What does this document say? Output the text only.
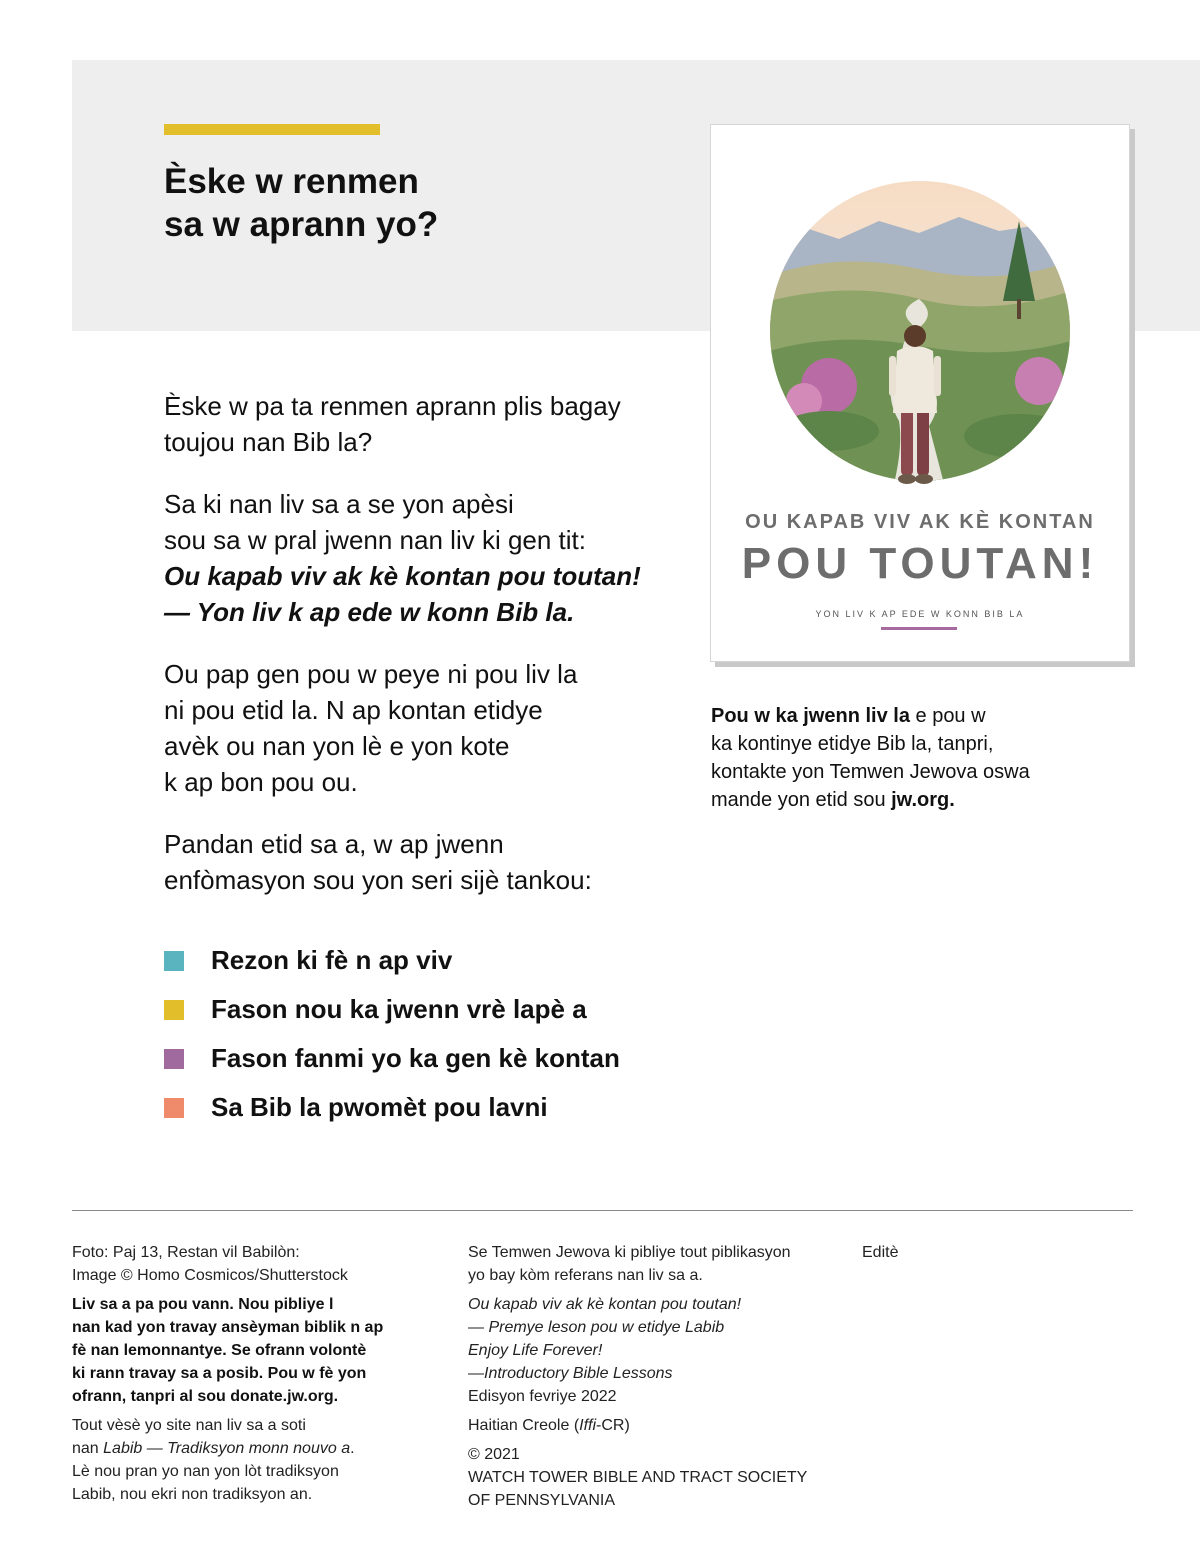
Èske w renmen
sa w aprann yo?

Èske w pa ta renmen aprann plis bagay
toujou nan Bib la?

Sa ki nan liv sa a se yon apèsi
sou sa w pral jwenn nan liv ki gen tit:
Ou kapab viv ak kè kontan pou toutan!
— Yon liv k ap ede w konn Bib la.

Ou pap gen pou w peye ni pou liv la
ni pou etid la. N ap kontan etidye
avèk ou nan yon lè e yon kote
k ap bon pou ou.

Pandan etid sa a, w ap jwenn
enfòmasyon sou yon seri sijè tankou:

Rezon ki fè n ap viv
Fason nou ka jwenn vrè lapè a
Fason fanmi yo ka gen kè kontan
Sa Bib la pwomèt pou lavni
OU KAPAB VIV AK KÈ KONTAN
POU TOUTAN!
YON LIV K AP EDE W KONN BIB LA
Pou w ka jwenn liv la e pou w
ka kontinye etidye Bib la, tanpri,
kontakte yon Temwen Jewova oswa
mande yon etid sou jw.org.

Foto: Paj 13, Restan vil Babilòn:
Image © Homo Cosmicos/Shutterstock

Liv sa a pa pou vann. Nou pibliye l
nan kad yon travay ansèyman biblik n ap
fè nan lemonnantye. Se ofrann volontè
ki rann travay sa a posib. Pou w fè yon
ofrann, tanpri al sou donate.jw.org.

Tout vèsè yo site nan liv sa a soti
nan Labib — Tradiksyon monn nouvo a.
Lè nou pran yo nan yon lòt tradiksyon
Labib, nou ekri non tradiksyon an.

Se Temwen Jewova ki pibliye tout piblikasyon
yo bay kòm referans nan liv sa a.

Ou kapab viv ak kè kontan pou toutan!
— Premye leson pou w etidye Labib
Enjoy Life Forever!
—Introductory Bible Lessons
Edisyon fevriye 2022

Haitian Creole (Iffi-CR)

© 2021
WATCH TOWER BIBLE AND TRACT SOCIETY
OF PENNSYLVANIA

Editè
